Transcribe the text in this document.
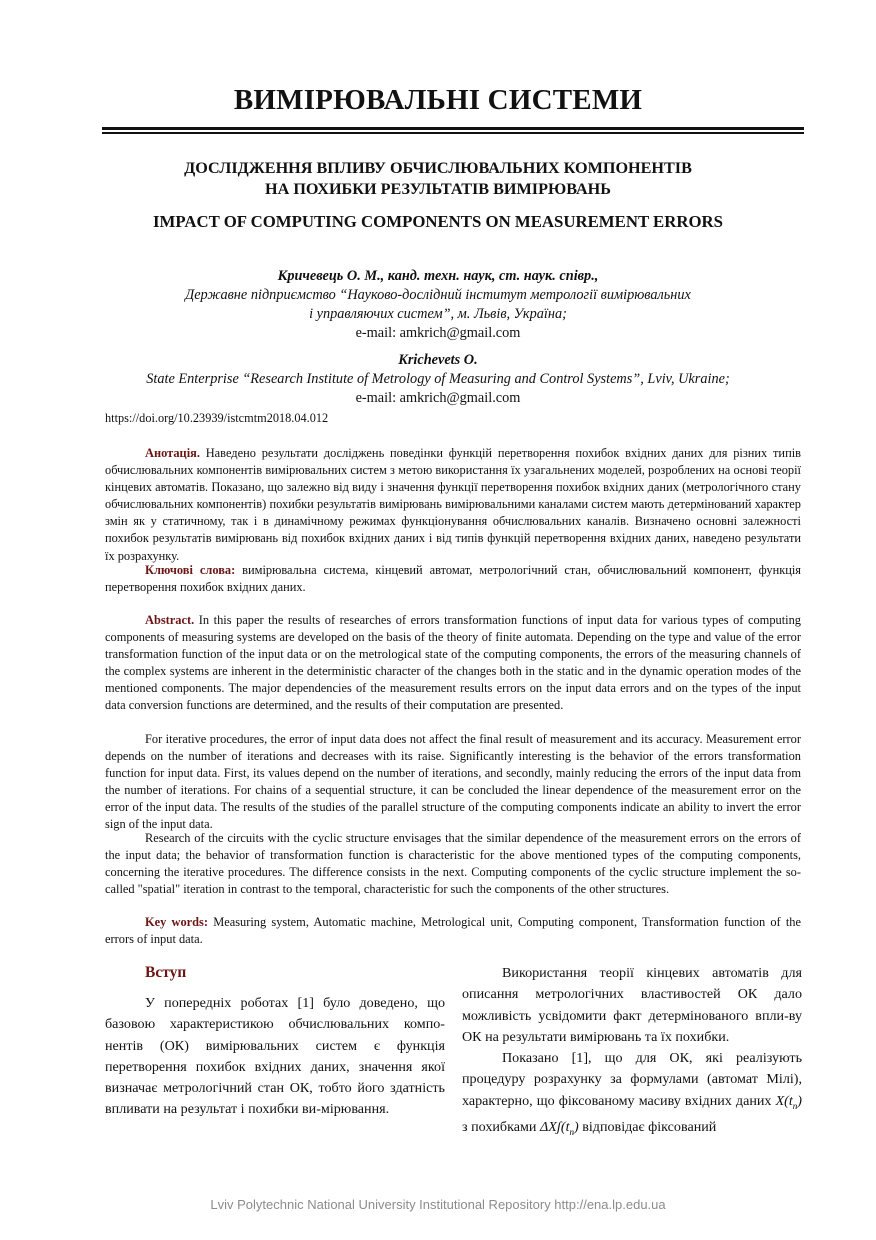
ВИМІРЮВАЛЬНІ СИСТЕМИ
ДОСЛІДЖЕННЯ ВПЛИВУ ОБЧИСЛЮВАЛЬНИХ КОМПОНЕНТІВ
НА ПОХИБКИ РЕЗУЛЬТАТІВ ВИМІРЮВАНЬ
IMPACT OF COMPUTING COMPONENTS ON MEASUREMENT ERRORS
Кричевець О. М., канд. техн. наук, ст. наук. співр.,
Державне підприємство “Науково-дослідний інститут метрології вимірювальних
і управляючих систем”, м. Львів, Україна;
e-mail: amkrich@gmail.com
Krichevets O.
State Enterprise “Research Institute of Metrology of Measuring and Control Systems”, Lviv, Ukraine;
e-mail: amkrich@gmail.com
https://doi.org/10.23939/istcmtm2018.04.012
Анотація. Наведено результати досліджень поведінки функцій перетворення похибок вхідних даних для різних типів обчислювальних компонентів вимірювальних систем з метою використання їх узагальнених моделей, розроблених на основі теорії кінцевих автоматів. Показано, що залежно від виду і значення функції перетворення похибок вхідних даних (метрологічного стану обчислювальних компонентів) похибки результатів вимірювань вимірювальними каналами систем мають детермінований характер змін як у статичному, так і в динамічному режимах функціонування обчислювальних каналів. Визначено основні залежності похибок результатів вимірювань від похибок вхідних даних і від типів функцій перетворення вхідних даних, наведено результати їх розрахунку.
Ключові слова: вимірювальна система, кінцевий автомат, метрологічний стан, обчислювальний компонент, функція перетворення похибок вхідних даних.
Abstract. In this paper the results of researches of errors transformation functions of input data for various types of computing components of measuring systems are developed on the basis of the theory of finite automata. Depending on the type and value of the error transformation function of the input data or on the metrological state of the computing components, the errors of the measuring channels of the complex systems are inherent in the deterministic character of the changes both in the static and in the dynamic operation modes of the mentioned components. The major dependencies of the measurement results errors on the input data errors and on the types of the input data conversion functions are determined, and the results of their computation are presented.
For iterative procedures, the error of input data does not affect the final result of measurement and its accuracy. Measurement error depends on the number of iterations and decreases with its raise. Significantly interesting is the behavior of the errors transformation function for input data. First, its values depend on the number of iterations, and secondly, mainly reducing the errors of the input data from the number of iterations. For chains of a sequential structure, it can be concluded the linear dependence of the measurement error on the error of the input data. The results of the studies of the parallel structure of the computing components indicate an ability to invert the error sign of the input data.
Research of the circuits with the cyclic structure envisages that the similar dependence of the measurement errors on the errors of the input data; the behavior of transformation function is characteristic for the above mentioned types of the computing components, concerning the iterative procedures. The difference consists in the next. Computing components of the cyclic structure implement the so-called "spatial" iteration in contrast to the temporal, characteristic for such the components of the other structures.
Key words: Measuring system, Automatic machine, Metrological unit, Computing component, Transformation function of the errors of input data.
Вступ

У попередніх роботах [1] було доведено, що базовою характеристикою обчислювальних компо-нентів (ОК) вимірювальних систем є функція перетворення похибок вхідних даних, значення якої визначає метрологічний стан ОК, тобто його здатність впливати на результат і похибки ви-мірювання.

Використання теорії кінцевих автоматів для описання метрологічних властивостей ОК дало можливість усвідомити факт детермінованого впли-ву ОК на результати вимірювань та їх похибки.

Показано [1], що для ОК, які реалізують процедуру розрахунку за формулами (автомат Мілі), характерно, що фіксованому масиву вхідних даних $X(t_n)$ з похибками $\Delta Xʃ(t_n)$ відповідає фіксований

Lviv Polytechnic National University Institutional Repository http://ena.lp.edu.ua
